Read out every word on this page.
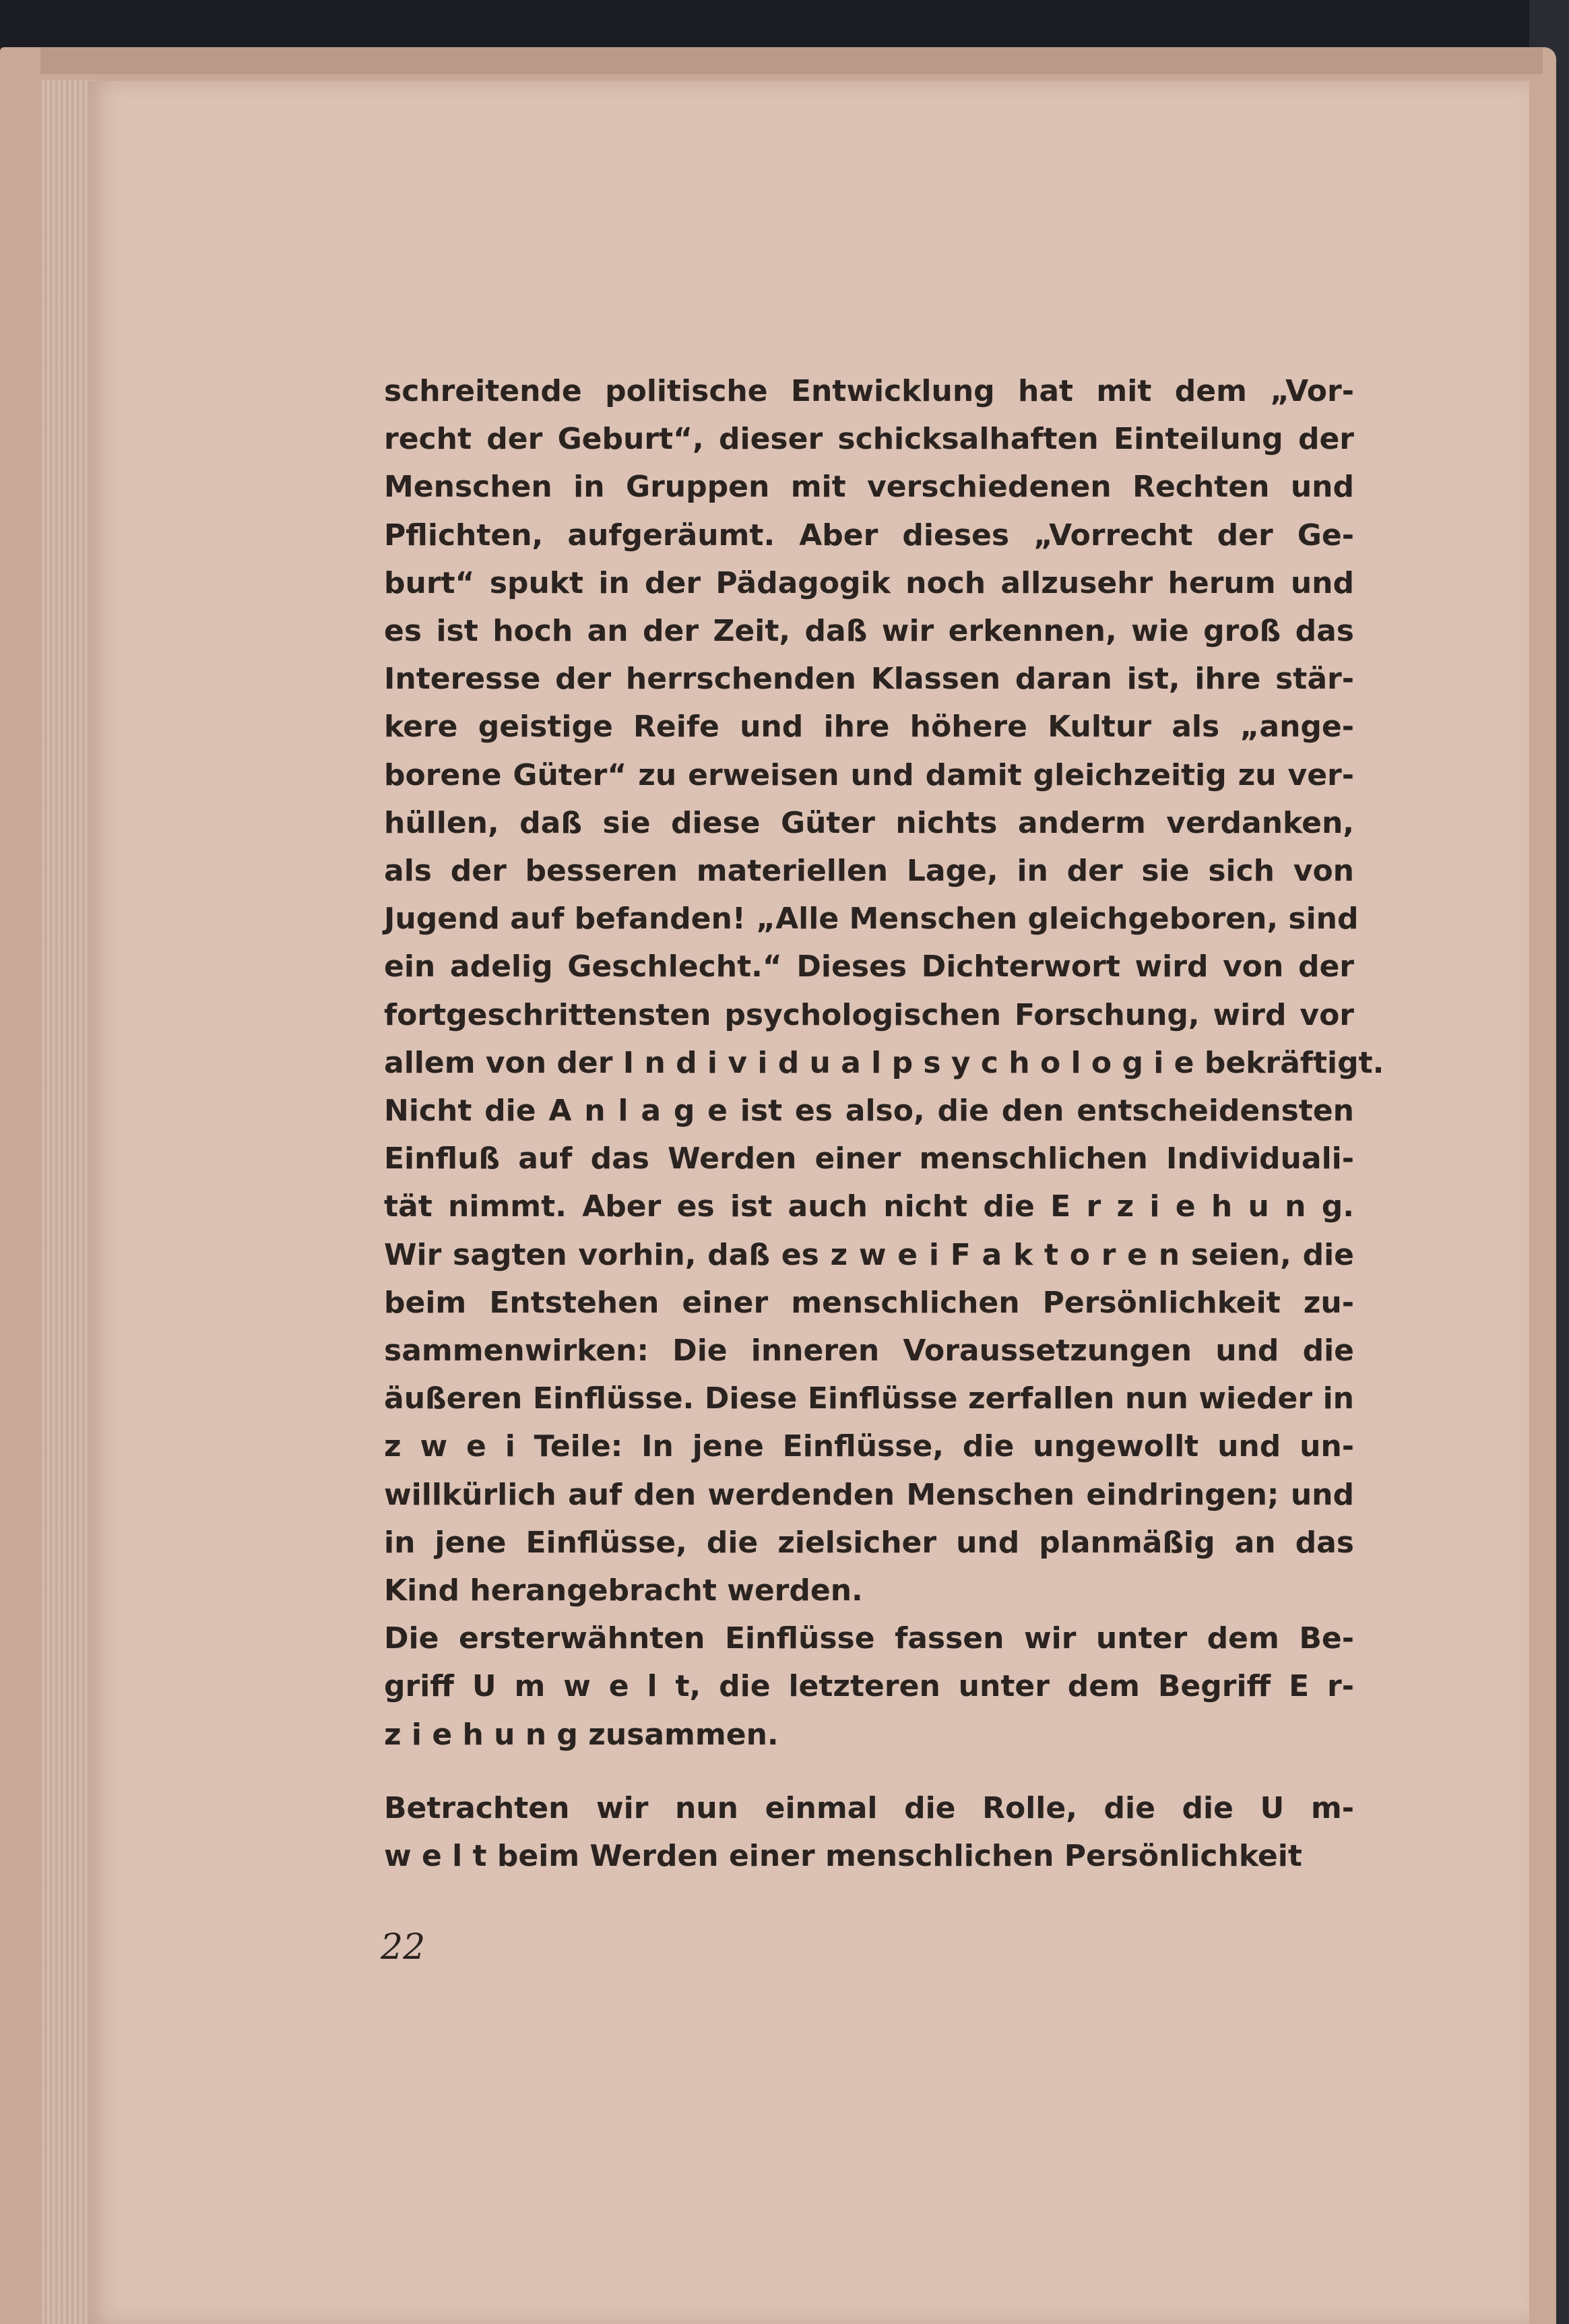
schreitende politische Entwicklung hat mit dem „Vor-
recht der Geburt“, dieser schicksalhaften Einteilung der
Menschen in Gruppen mit verschiedenen Rechten und
Pflichten, aufgeräumt. Aber dieses „Vorrecht der Ge-
burt“ spukt in der Pädagogik noch allzusehr herum und
es ist hoch an der Zeit, daß wir erkennen, wie groß das
Interesse der herrschenden Klassen daran ist, ihre stär-
kere geistige Reife und ihre höhere Kultur als „ange-
borene Güter“ zu erweisen und damit gleichzeitig zu ver-
hüllen, daß sie diese Güter nichts anderm verdanken,
als der besseren materiellen Lage, in der sie sich von
Jugend auf befanden! „Alle Menschen gleichgeboren, sind
ein adelig Geschlecht.“ Dieses Dichterwort wird von der
fortgeschrittensten psychologischen Forschung, wird vor
allem von der I n d i v i d u a l p s y c h o l o g i e bekräftigt.
Nicht die A n l a g e ist es also, die den entscheidensten
Einfluß auf das Werden einer menschlichen Individuali-
tät nimmt. Aber es ist auch nicht die E r z i e h u n g.
Wir sagten vorhin, daß es z w e i F a k t o r e n seien, die
beim Entstehen einer menschlichen Persönlichkeit zu-
sammenwirken: Die inneren Voraussetzungen und die
äußeren Einflüsse. Diese Einflüsse zerfallen nun wieder in
z w e i Teile: In jene Einflüsse, die ungewollt und un-
willkürlich auf den werdenden Menschen eindringen; und
in jene Einflüsse, die zielsicher und planmäßig an das
Kind herangebracht werden.
Die ersterwähnten Einflüsse fassen wir unter dem Be-
griff U m w e l t, die letzteren unter dem Begriff E r-
z i e h u n g zusammen.
Betrachten wir nun einmal die Rolle, die die U m-
w e l t beim Werden einer menschlichen Persönlichkeit
22
